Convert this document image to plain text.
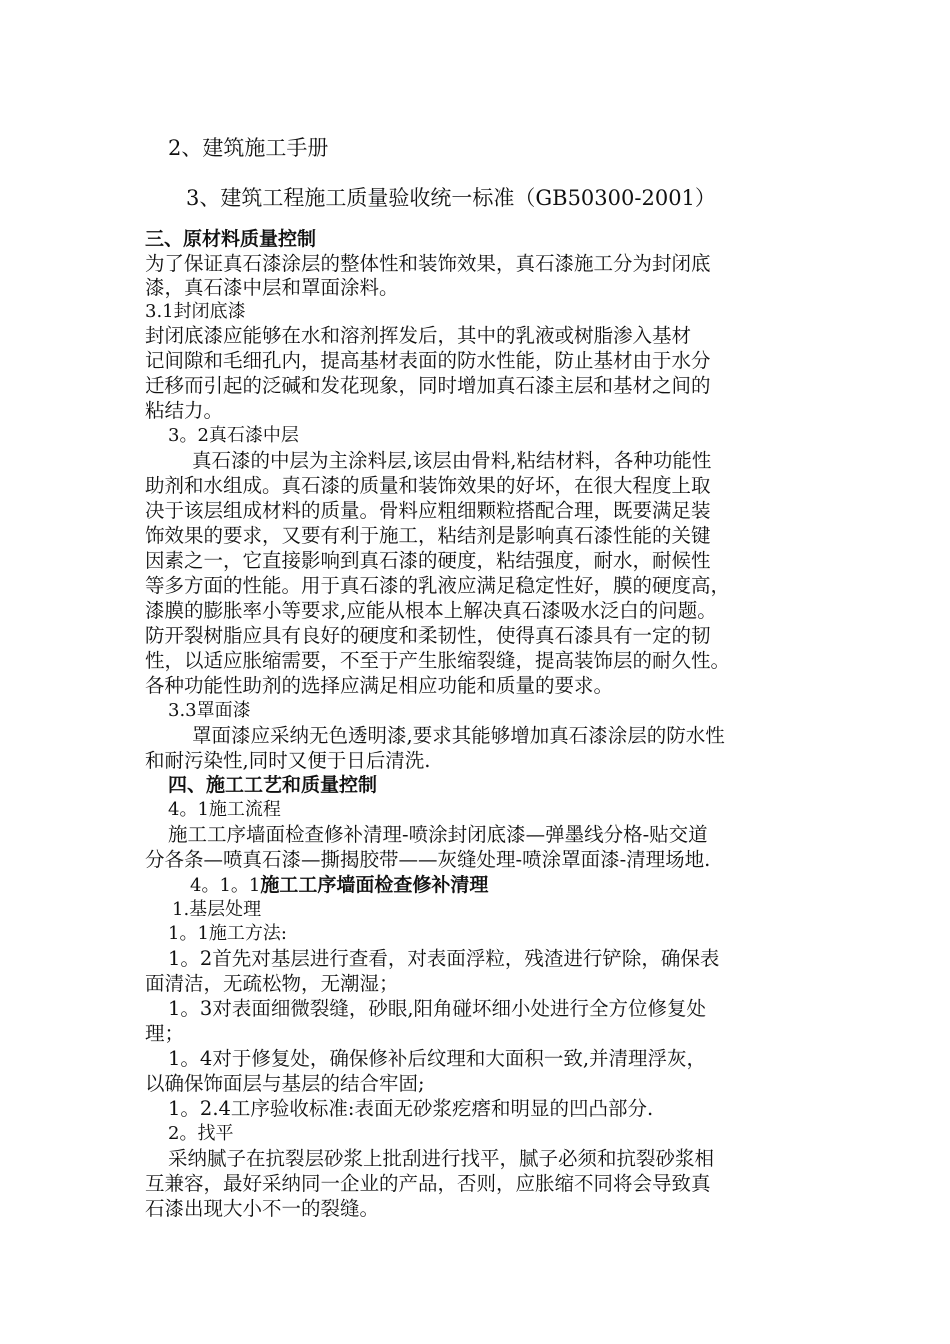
2、建筑施工手册
3、建筑工程施工质量验收统一标准（GB50300-2001）
三、原材料质量控制
为了保证真石漆涂层的整体性和装饰效果，真石漆施工分为封闭底
漆，真石漆中层和罩面涂料。
3.1封闭底漆
封闭底漆应能够在水和溶剂挥发后，其中的乳液或树脂渗入基材
记间隙和毛细孔内，提高基材表面的防水性能，防止基材由于水分
迁移而引起的泛碱和发花现象，同时增加真石漆主层和基材之间的
粘结力。
3。2真石漆中层
真石漆的中层为主涂料层,该层由骨料,粘结材料，各种功能性
助剂和水组成。真石漆的质量和装饰效果的好坏，在很大程度上取
决于该层组成材料的质量。骨料应粗细颗粒搭配合理，既要满足装
饰效果的要求，又要有利于施工，粘结剂是影响真石漆性能的关键
因素之一，它直接影响到真石漆的硬度，粘结强度，耐水，耐候性
等多方面的性能。用于真石漆的乳液应满足稳定性好，膜的硬度高，
漆膜的膨胀率小等要求,应能从根本上解决真石漆吸水泛白的问题。
防开裂树脂应具有良好的硬度和柔韧性，使得真石漆具有一定的韧
性，以适应胀缩需要，不至于产生胀缩裂缝，提高装饰层的耐久性。
各种功能性助剂的选择应满足相应功能和质量的要求。
3.3罩面漆
罩面漆应采纳无色透明漆,要求其能够增加真石漆涂层的防水性
和耐污染性,同时又便于日后清洗.
四、施工工艺和质量控制
4。1施工流程
施工工序墙面检查修补清理-喷涂封闭底漆—弹墨线分格-贴交道
分各条—喷真石漆—撕揭胶带——灰缝处理-喷涂罩面漆-清理场地.
4。1。1施工工序墙面检查修补清理
1.基层处理
1。1施工方法:
1。2首先对基层进行查看，对表面浮粒，残渣进行铲除，确保表
面清洁，无疏松物，无潮湿；
1。3对表面细微裂缝，砂眼,阳角碰坏细小处进行全方位修复处
理；
1。4对于修复处，确保修补后纹理和大面积一致,并清理浮灰，
以确保饰面层与基层的结合牢固;
1。2.4工序验收标准:表面无砂浆疙瘩和明显的凹凸部分.
2。找平
采纳腻子在抗裂层砂浆上批刮进行找平，腻子必须和抗裂砂浆相
互兼容，最好采纳同一企业的产品，否则，应胀缩不同将会导致真
石漆出现大小不一的裂缝。
